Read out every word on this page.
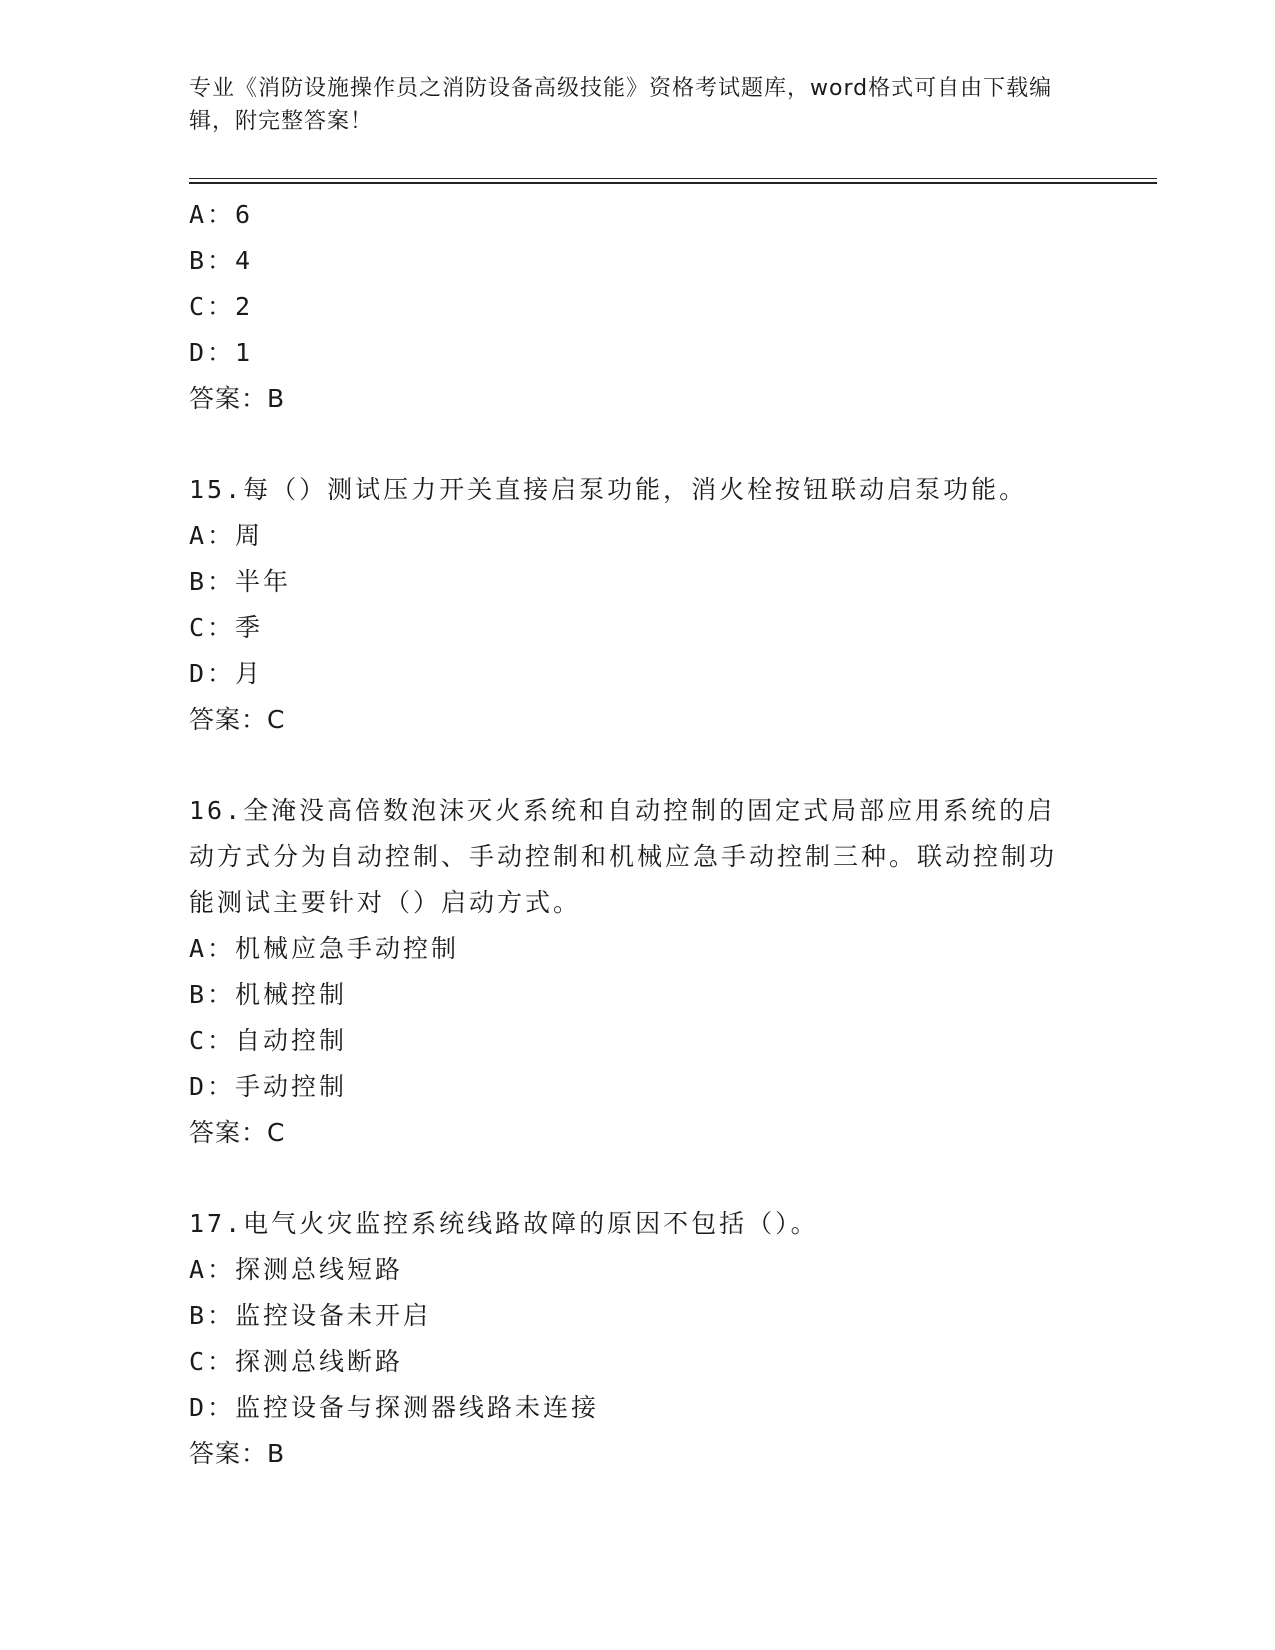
专业《消防设施操作员之消防设备高级技能》资格考试题库，word格式可自由下载编辑，附完整答案！
A：6
B：4
C：2
D：1
答案：B
15.每（）测试压力开关直接启泵功能，消火栓按钮联动启泵功能。
A：周
B：半年
C：季
D：月
答案：C
16.全淹没高倍数泡沫灭火系统和自动控制的固定式局部应用系统的启动方式分为自动控制、手动控制和机械应急手动控制三种。联动控制功能测试主要针对（）启动方式。
A：机械应急手动控制
B：机械控制
C：自动控制
D：手动控制
答案：C
17.电气火灾监控系统线路故障的原因不包括（）。
A：探测总线短路
B：监控设备未开启
C：探测总线断路
D：监控设备与探测器线路未连接
答案：B
